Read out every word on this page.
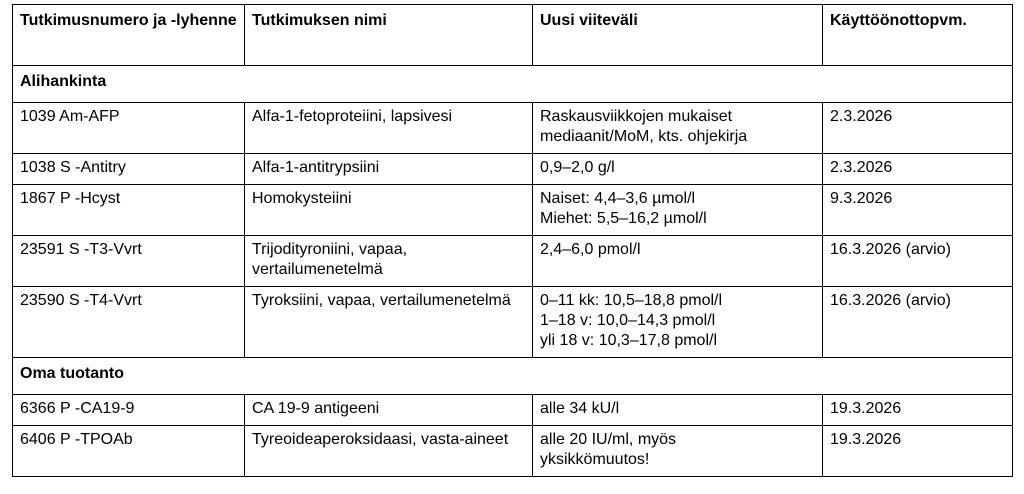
Tutkimusnumero ja -lyhenne	Tutkimuksen nimi	Uusi viiteväli	Käyttöönottopvm.
Alihankinta			
1039 Am-AFP	Alfa-1-fetoproteiini, lapsivesi	Raskausviikkojen mukaiset
mediaanit/MoM, kts. ohjekirja	2.3.2026
1038 S -Antitry	Alfa-1-antitrypsiini	0,9–2,0 g/l	2.3.2026
1867 P -Hcyst	Homokysteiini	Naiset: 4,4–3,6 µmol/l
Miehet: 5,5–16,2 µmol/l	9.3.2026
23591 S -T3-Vvrt	Trijodityroniini, vapaa, vertailumenetelmä	2,4–6,0 pmol/l	16.3.2026 (arvio)
23590 S -T4-Vvrt	Tyroksiini, vapaa, vertailumenetelmä	0–11 kk: 10,5–18,8 pmol/l
1–18 v: 10,0–14,3 pmol/l
yli 18 v: 10,3–17,8 pmol/l	16.3.2026 (arvio)
Oma tuotanto			
6366 P -CA19-9	CA 19-9 antigeeni	alle 34 kU/l	19.3.2026
6406 P -TPOAb	Tyreoideaperoksidaasi, vasta-aineet	alle 20 IU/ml, myös
yksikkömuutos!	19.3.2026
